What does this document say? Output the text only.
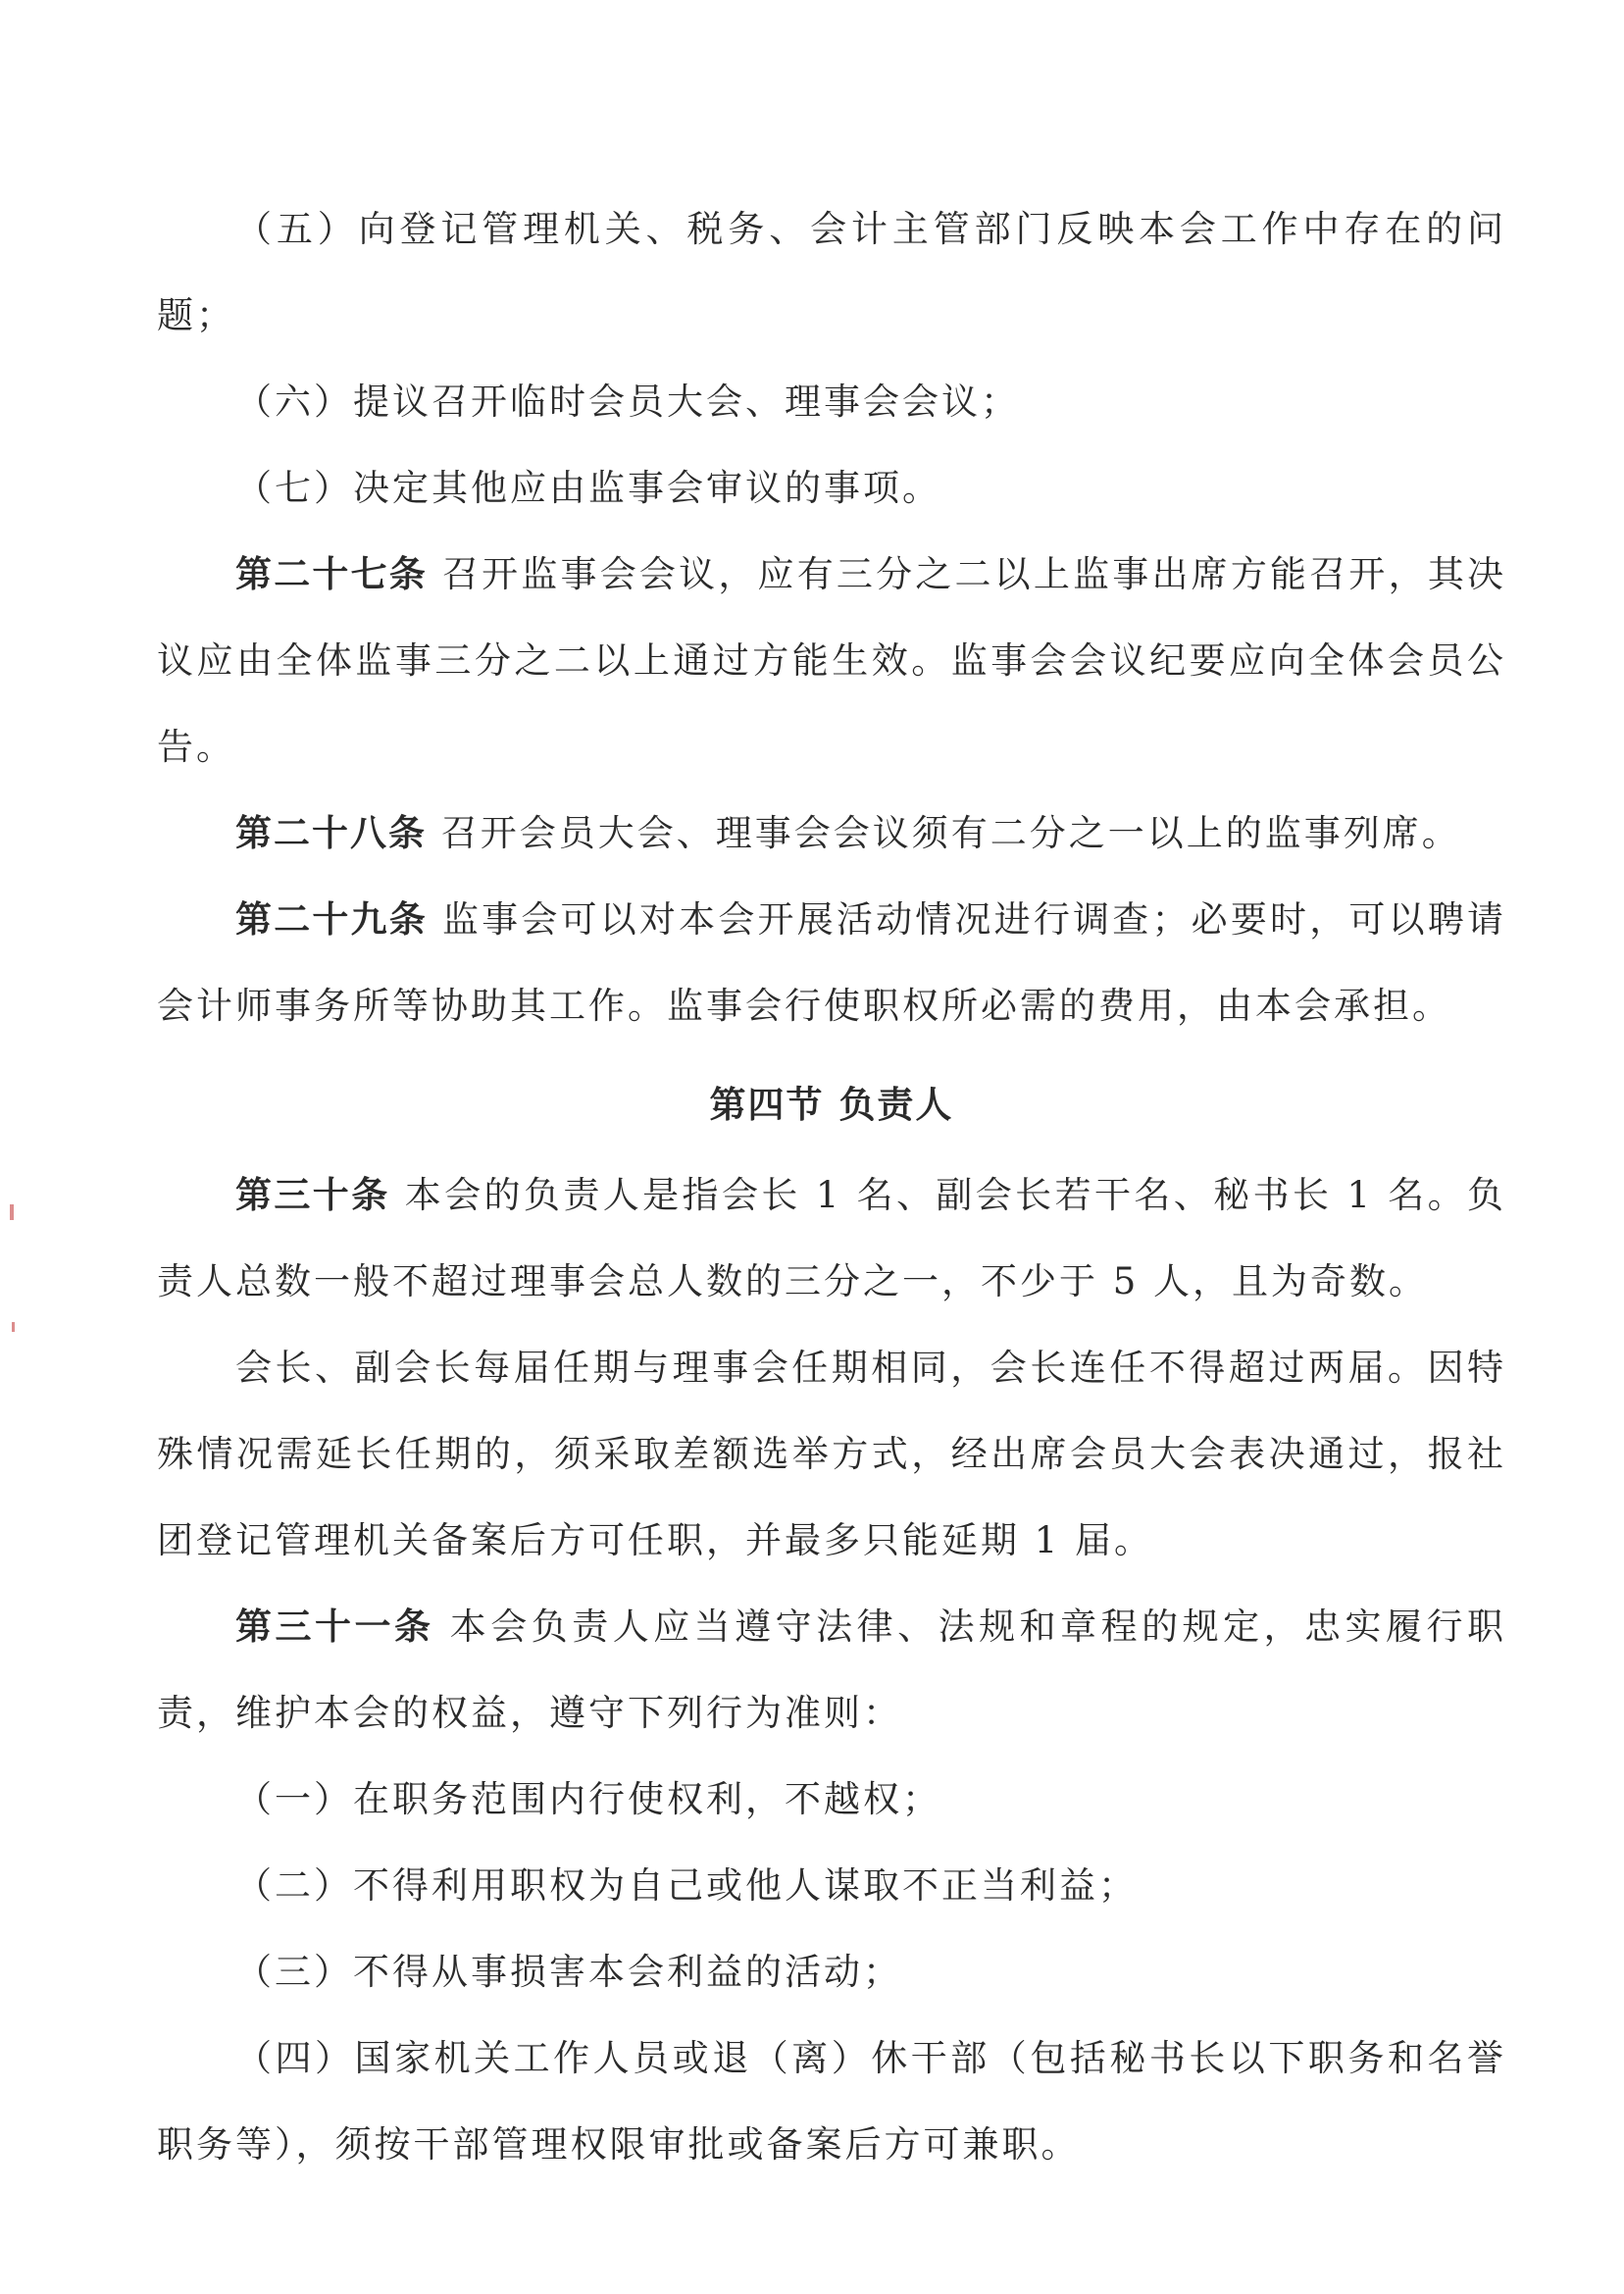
（五）向登记管理机关、税务、会计主管部门反映本会工作中存在的问题；

（六）提议召开临时会员大会、理事会会议；

（七）决定其他应由监事会审议的事项。

第二十七条 召开监事会会议，应有三分之二以上监事出席方能召开，其决议应由全体监事三分之二以上通过方能生效。监事会会议纪要应向全体会员公告。

第二十八条 召开会员大会、理事会会议须有二分之一以上的监事列席。

第二十九条 监事会可以对本会开展活动情况进行调查；必要时，可以聘请会计师事务所等协助其工作。监事会行使职权所必需的费用，由本会承担。

第四节 负责人

第三十条 本会的负责人是指会长 1 名、副会长若干名、秘书长 1 名。负责人总数一般不超过理事会总人数的三分之一，不少于 5 人，且为奇数。

会长、副会长每届任期与理事会任期相同，会长连任不得超过两届。因特殊情况需延长任期的，须采取差额选举方式，经出席会员大会表决通过，报社团登记管理机关备案后方可任职，并最多只能延期 1 届。

第三十一条 本会负责人应当遵守法律、法规和章程的规定，忠实履行职责，维护本会的权益，遵守下列行为准则：

（一）在职务范围内行使权利，不越权；

（二）不得利用职权为自己或他人谋取不正当利益；

（三）不得从事损害本会利益的活动；

（四）国家机关工作人员或退（离）休干部（包括秘书长以下职务和名誉职务等），须按干部管理权限审批或备案后方可兼职。
